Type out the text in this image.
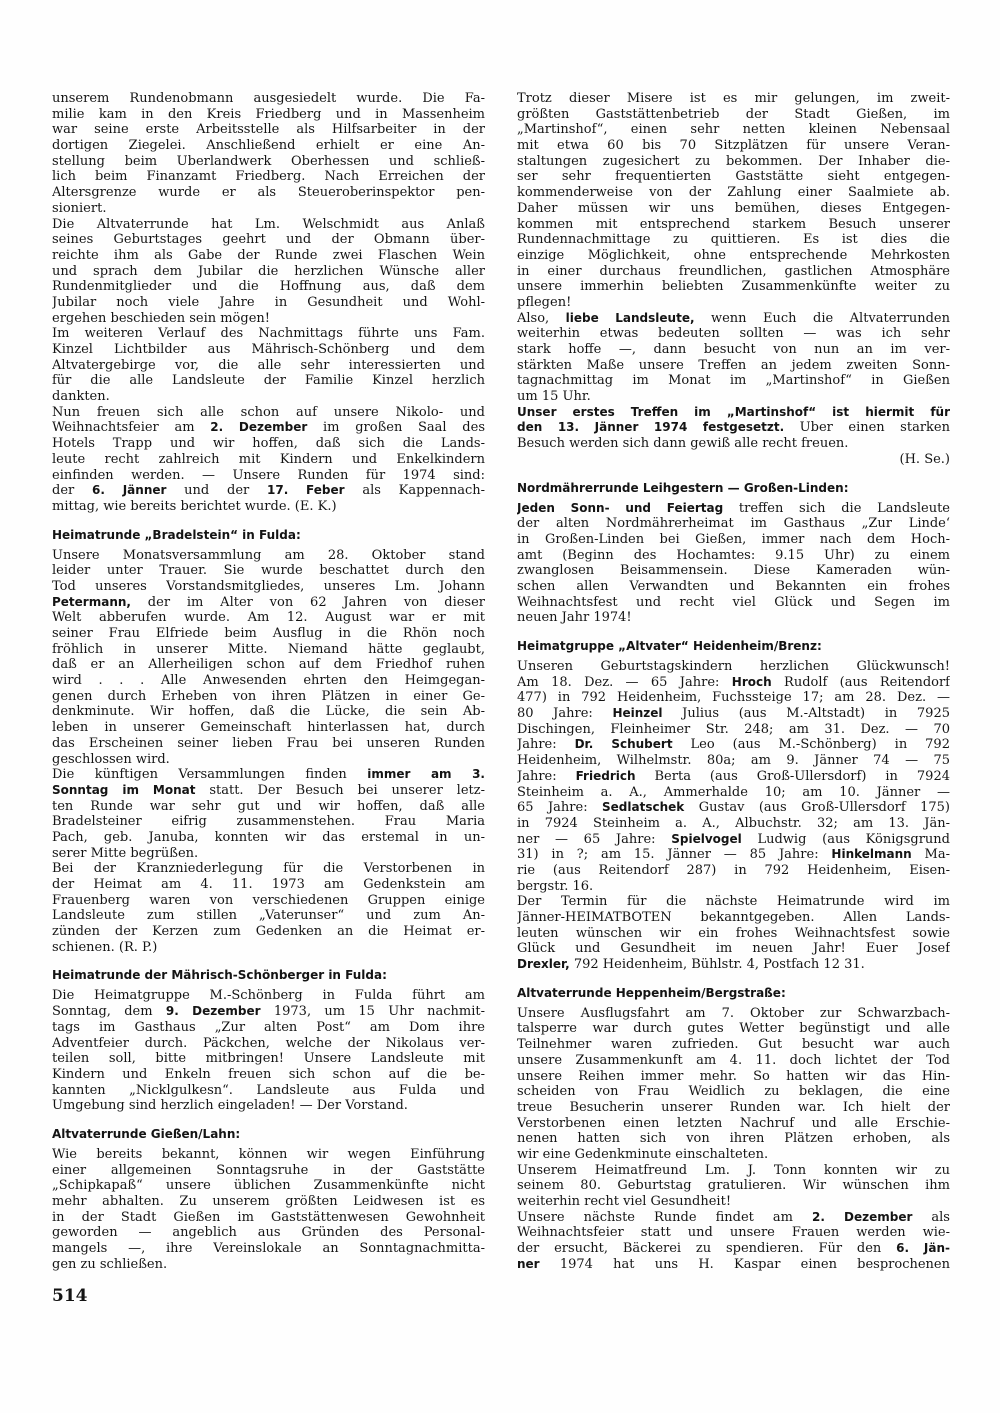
unserem Rundenobmann ausgesiedelt wurde. Die Fa-
milie kam in den Kreis Friedberg und in Massenheim
war seine erste Arbeitsstelle als Hilfsarbeiter in der
dortigen Ziegelei. Anschließend erhielt er eine An-
stellung beim Überlandwerk Oberhessen und schließ-
lich beim Finanzamt Friedberg. Nach Erreichen der
Altersgrenze wurde er als Steueroberinspektor pen-
sioniert.
Die Altvaterrunde hat Lm. Welschmidt aus Anlaß
seines Geburtstages geehrt und der Obmann über-
reichte ihm als Gabe der Runde zwei Flaschen Wein
und sprach dem Jubilar die herzlichen Wünsche aller
Rundenmitglieder und die Hoffnung aus, daß dem
Jubilar noch viele Jahre in Gesundheit und Wohl-
ergehen beschieden sein mögen!
Im weiteren Verlauf des Nachmittags führte uns Fam.
Kinzel Lichtbilder aus Mährisch-Schönberg und dem
Altvatergebirge vor, die alle sehr interessierten und
für die alle Landsleute der Familie Kinzel herzlich
dankten.
Nun freuen sich alle schon auf unsere Nikolo- und
Weihnachtsfeier am 2. Dezember im großen Saal des
Hotels Trapp und wir hoffen, daß sich die Lands-
leute recht zahlreich mit Kindern und Enkelkindern
einfinden werden. — Unsere Runden für 1974 sind:
der 6. Jänner und der 17. Feber als Kappennach-
mittag, wie bereits berichtet wurde. (E. K.)
Heimatrunde „Bradelstein“ in Fulda:
Unsere Monatsversammlung am 28. Oktober stand
leider unter Trauer. Sie wurde beschattet durch den
Tod unseres Vorstandsmitgliedes, unseres Lm. Johann
Petermann, der im Alter von 62 Jahren von dieser
Welt abberufen wurde. Am 12. August war er mit
seiner Frau Elfriede beim Ausflug in die Rhön noch
fröhlich in unserer Mitte. Niemand hätte geglaubt,
daß er an Allerheiligen schon auf dem Friedhof ruhen
wird . . . Alle Anwesenden ehrten den Heimgegan-
genen durch Erheben von ihren Plätzen in einer Ge-
denkminute. Wir hoffen, daß die Lücke, die sein Ab-
leben in unserer Gemeinschaft hinterlassen hat, durch
das Erscheinen seiner lieben Frau bei unseren Runden
geschlossen wird.
Die künftigen Versammlungen finden immer am 3.
Sonntag im Monat statt. Der Besuch bei unserer letz-
ten Runde war sehr gut und wir hoffen, daß alle
Bradelsteiner eifrig zusammenstehen. Frau Maria
Pach, geb. Januba, konnten wir das erstemal in un-
serer Mitte begrüßen.
Bei der Kranzniederlegung für die Verstorbenen in
der Heimat am 4. 11. 1973 am Gedenkstein am
Frauenberg waren von verschiedenen Gruppen einige
Landsleute zum stillen „Vaterunser“ und zum An-
zünden der Kerzen zum Gedenken an die Heimat er-
schienen. (R. P.)
Heimatrunde der Mährisch-Schönberger in Fulda:
Die Heimatgruppe M.-Schönberg in Fulda führt am
Sonntag, dem 9. Dezember 1973, um 15 Uhr nachmit-
tags im Gasthaus „Zur alten Post“ am Dom ihre
Adventfeier durch. Päckchen, welche der Nikolaus ver-
teilen soll, bitte mitbringen! Unsere Landsleute mit
Kindern und Enkeln freuen sich schon auf die be-
kannten „Nicklgulkesn“. Landsleute aus Fulda und
Umgebung sind herzlich eingeladen! — Der Vorstand.
Altvaterrunde Gießen/Lahn:
Wie bereits bekannt, können wir wegen Einführung
einer allgemeinen Sonntagsruhe in der Gaststätte
„Schipkapaß“ unsere üblichen Zusammenkünfte nicht
mehr abhalten. Zu unserem größten Leidwesen ist es
in der Stadt Gießen im Gaststättenwesen Gewohnheit
geworden — angeblich aus Gründen des Personal-
mangels —, ihre Vereinslokale an Sonntagnachmitta-
gen zu schließen.
Trotz dieser Misere ist es mir gelungen, im zweit-
größten Gaststättenbetrieb der Stadt Gießen, im
„Martinshof“, einen sehr netten kleinen Nebensaal
mit etwa 60 bis 70 Sitzplätzen für unsere Veran-
staltungen zugesichert zu bekommen. Der Inhaber die-
ser sehr frequentierten Gaststätte sieht entgegen-
kommenderweise von der Zahlung einer Saalmiete ab.
Daher müssen wir uns bemühen, dieses Entgegen-
kommen mit entsprechend starkem Besuch unserer
Rundennachmittage zu quittieren. Es ist dies die
einzige Möglichkeit, ohne entsprechende Mehrkosten
in einer durchaus freundlichen, gastlichen Atmosphäre
unsere immerhin beliebten Zusammenkünfte weiter zu
pflegen!
Also, liebe Landsleute, wenn Euch die Altvaterrunden
weiterhin etwas bedeuten sollten — was ich sehr
stark hoffe —, dann besucht von nun an im ver-
stärkten Maße unsere Treffen an jedem zweiten Sonn-
tagnachmittag im Monat im „Martinshof“ in Gießen
um 15 Uhr.
Unser erstes Treffen im „Martinshof“ ist hiermit für
den 13. Jänner 1974 festgesetzt. Über einen starken
Besuch werden sich dann gewiß alle recht freuen.
(H. Se.)
Nordmährerrunde Leihgestern — Großen-Linden:
Jeden Sonn- und Feiertag treffen sich die Landsleute
der alten Nordmährerheimat im Gasthaus „Zur Linde‘
in Großen-Linden bei Gießen, immer nach dem Hoch-
amt (Beginn des Hochamtes: 9.15 Uhr) zu einem
zwanglosen Beisammensein. Diese Kameraden wün-
schen allen Verwandten und Bekannten ein frohes
Weihnachtsfest und recht viel Glück und Segen im
neuen Jahr 1974!
Heimatgruppe „Altvater“ Heidenheim/Brenz:
Unseren Geburtstagskindern herzlichen Glückwunsch!
Am 18. Dez. — 65 Jahre: Hroch Rudolf (aus Reitendorf
477) in 792 Heidenheim, Fuchssteige 17; am 28. Dez. —
80 Jahre: Heinzel Julius (aus M.-Altstadt) in 7925
Dischingen, Fleinheimer Str. 248; am 31. Dez. — 70
Jahre: Dr. Schubert Leo (aus M.-Schönberg) in 792
Heidenheim, Wilhelmstr. 80a; am 9. Jänner 74 — 75
Jahre: Friedrich Berta (aus Groß-Ullersdorf) in 7924
Steinheim a. A., Ammerhalde 10; am 10. Jänner —
65 Jahre: Sedlatschek Gustav (aus Groß-Ullersdorf 175)
in 7924 Steinheim a. A., Albuchstr. 32; am 13. Jän-
ner — 65 Jahre: Spielvogel Ludwig (aus Königsgrund
31) in ?; am 15. Jänner — 85 Jahre: Hinkelmann Ma-
rie (aus Reitendorf 287) in 792 Heidenheim, Eisen-
bergstr. 16.
Der Termin für die nächste Heimatrunde wird im
Jänner-HEIMATBOTEN bekanntgegeben. Allen Lands-
leuten wünschen wir ein frohes Weihnachtsfest sowie
Glück und Gesundheit im neuen Jahr! Euer Josef
Drexler, 792 Heidenheim, Bühlstr. 4, Postfach 12 31.
Altvaterrunde Heppenheim/Bergstraße:
Unsere Ausflugsfahrt am 7. Oktober zur Schwarzbach-
talsperre war durch gutes Wetter begünstigt und alle
Teilnehmer waren zufrieden. Gut besucht war auch
unsere Zusammenkunft am 4. 11. doch lichtet der Tod
unsere Reihen immer mehr. So hatten wir das Hin-
scheiden von Frau Weidlich zu beklagen, die eine
treue Besucherin unserer Runden war. Ich hielt der
Verstorbenen einen letzten Nachruf und alle Erschie-
nenen hatten sich von ihren Plätzen erhoben, als
wir eine Gedenkminute einschalteten.
Unserem Heimatfreund Lm. J. Tonn konnten wir zu
seinem 80. Geburtstag gratulieren. Wir wünschen ihm
weiterhin recht viel Gesundheit!
Unsere nächste Runde findet am 2. Dezember als
Weihnachtsfeier statt und unsere Frauen werden wie-
der ersucht, Bäckerei zu spendieren. Für den 6. Jän-
ner 1974 hat uns H. Kaspar einen besprochenen
514
